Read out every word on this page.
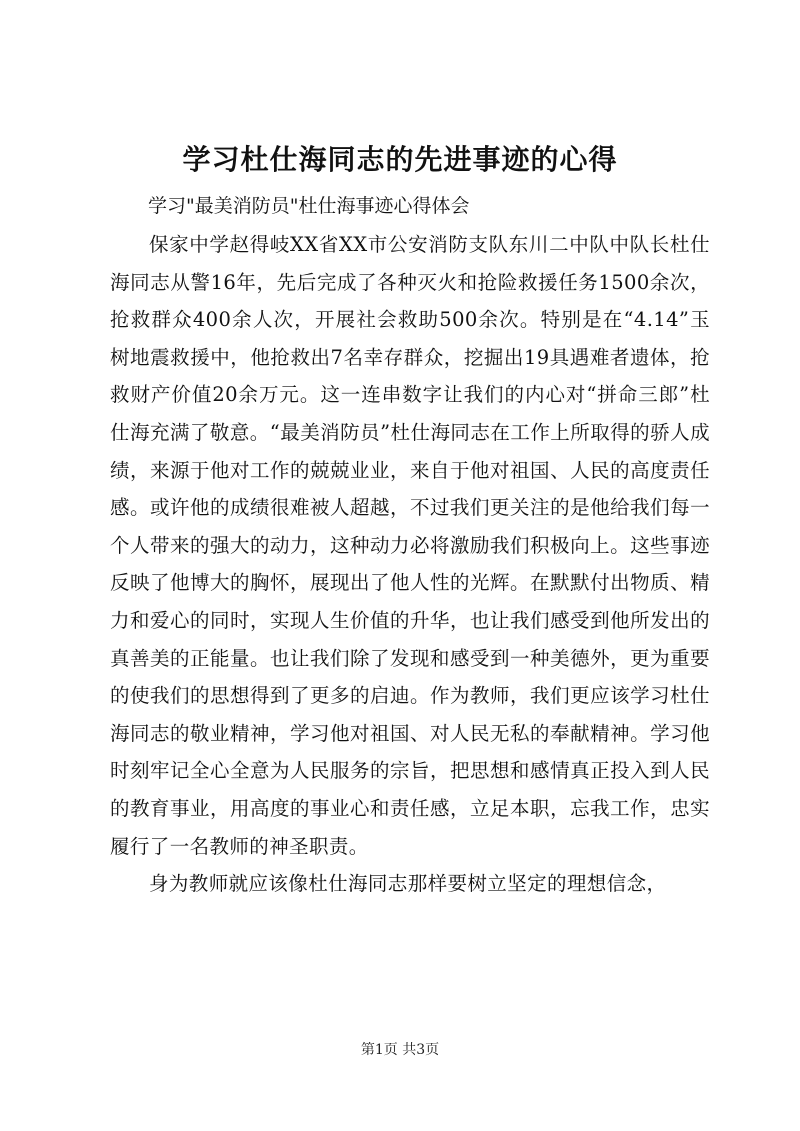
学习杜仕海同志的先进事迹的心得

学习"最美消防员"杜仕海事迹心得体会

保家中学赵得岐XX省XX市公安消防支队东川二中队中队长杜仕海同志从警16年，先后完成了各种灭火和抢险救援任务1500余次，抢救群众400余人次，开展社会救助500余次。特别是在“4.14”玉树地震救援中，他抢救出7名幸存群众，挖掘出19具遇难者遗体，抢救财产价值20余万元。这一连串数字让我们的内心对“拼命三郎”杜仕海充满了敬意。“最美消防员”杜仕海同志在工作上所取得的骄人成绩，来源于他对工作的兢兢业业，来自于他对祖国、人民的高度责任感。或许他的成绩很难被人超越，不过我们更关注的是他给我们每一个人带来的强大的动力，这种动力必将激励我们积极向上。这些事迹反映了他博大的胸怀，展现出了他人性的光辉。在默默付出物质、精力和爱心的同时，实现人生价值的升华，也让我们感受到他所发出的真善美的正能量。也让我们除了发现和感受到一种美德外，更为重要的使我们的思想得到了更多的启迪。作为教师，我们更应该学习杜仕海同志的敬业精神，学习他对祖国、对人民无私的奉献精神。学习他时刻牢记全心全意为人民服务的宗旨，把思想和感情真正投入到人民的教育事业，用高度的事业心和责任感，立足本职，忘我工作，忠实履行了一名教师的神圣职责。

身为教师就应该像杜仕海同志那样要树立坚定的理想信念，

第1页 共3页
